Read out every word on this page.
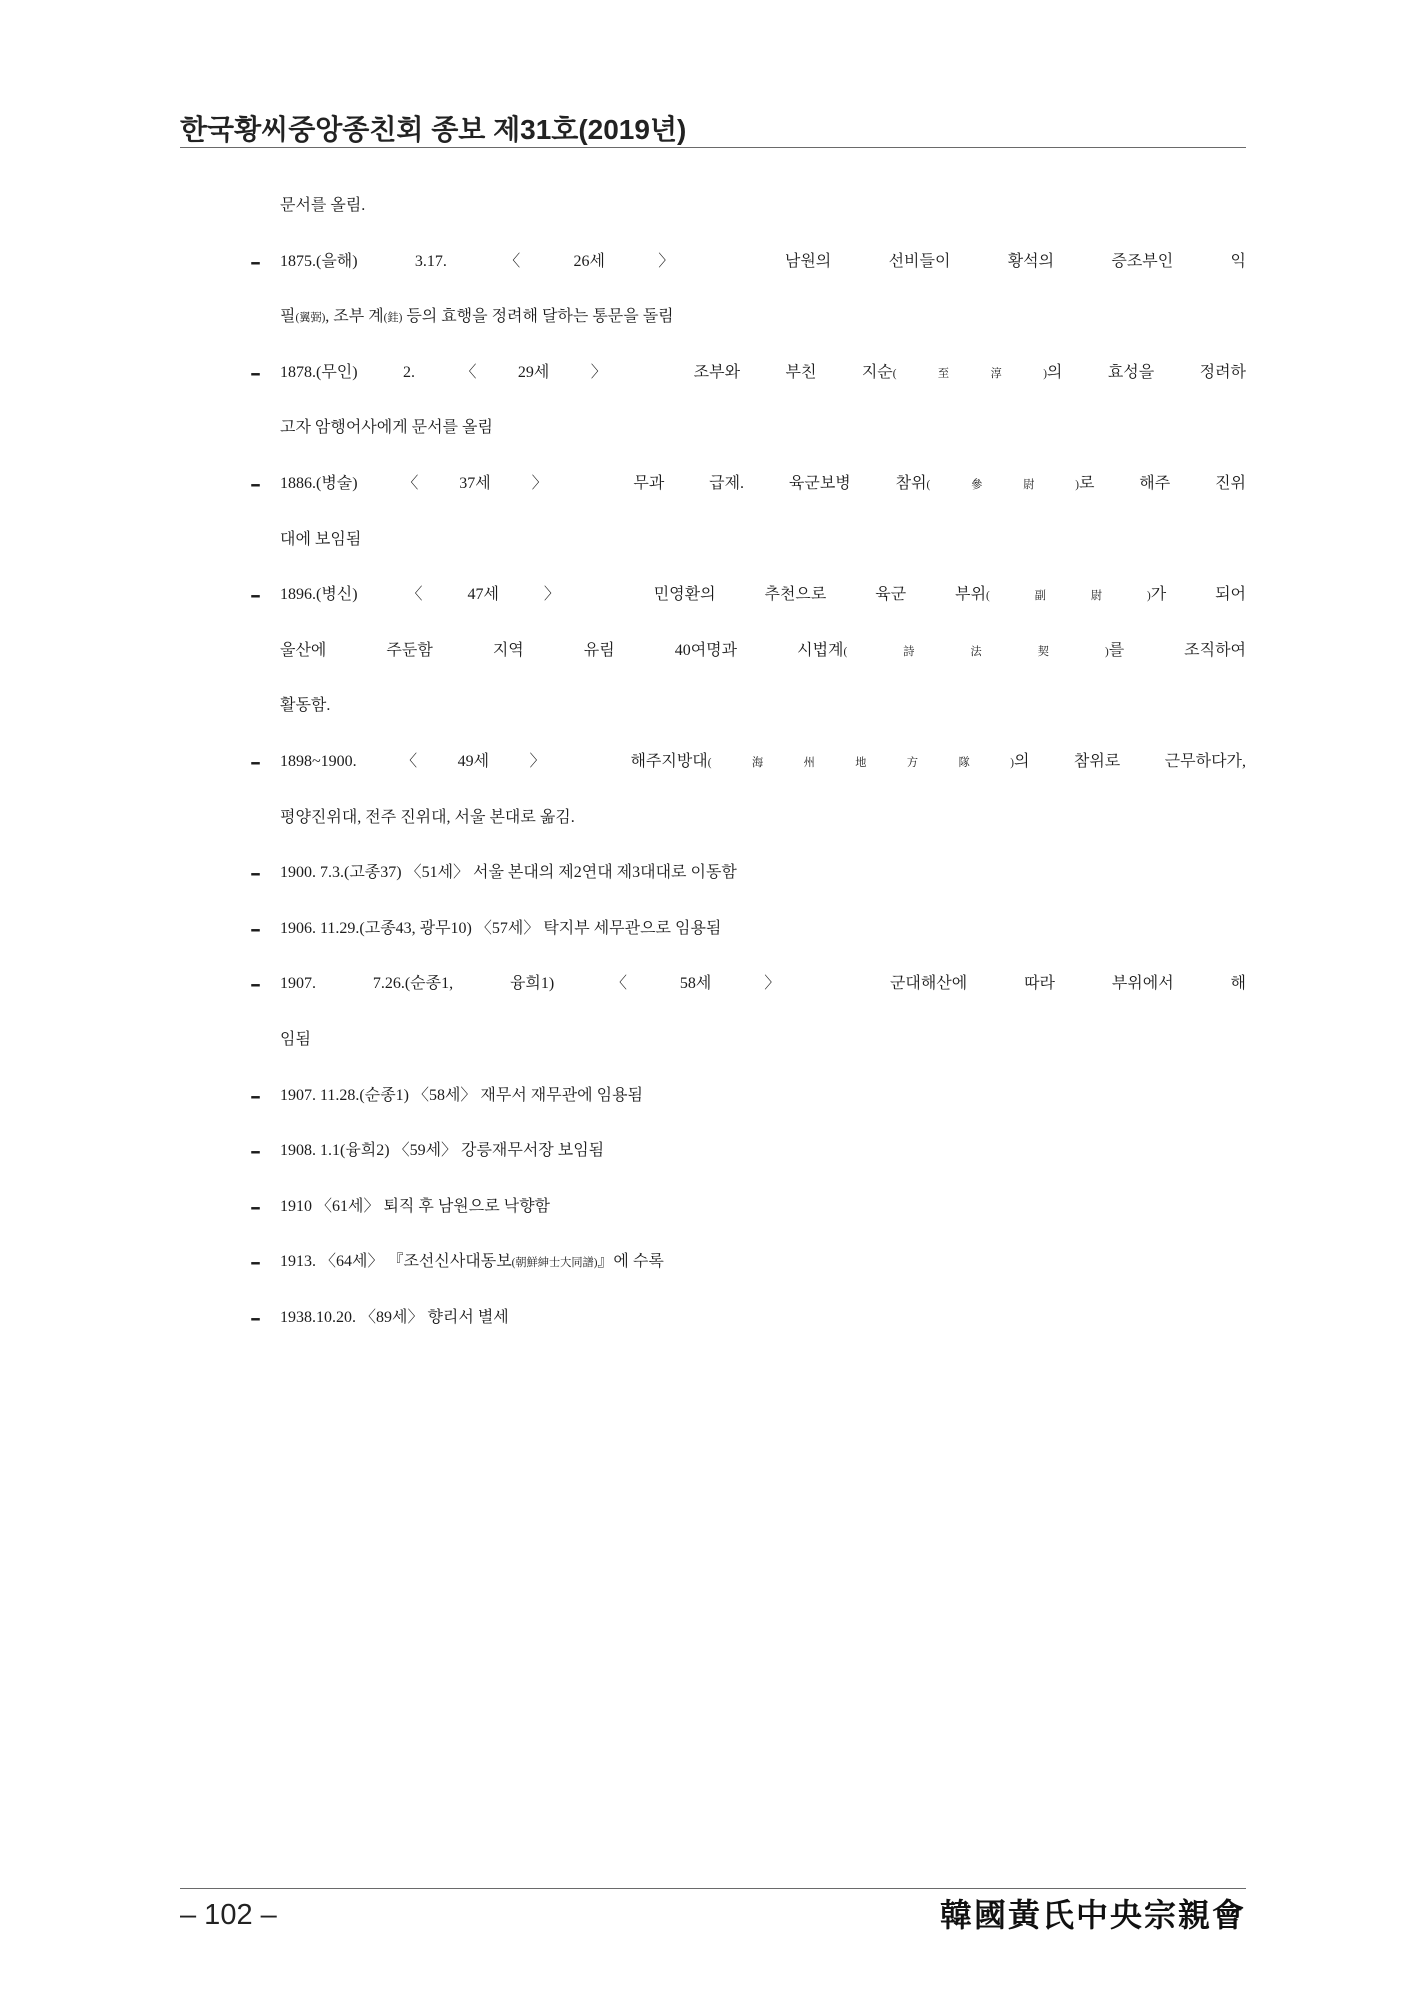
한국황씨중앙종친회 종보 제31호(2019년)
문서를 올림.
-	1875.(을해) 3.17. 〈26세〉 남원의 선비들이 황석의 증조부인 익
필(翼弼), 조부 계(銈) 등의 효행을 정려해 달하는 통문을 돌림
-	1878.(무인) 2. 〈29세〉 조부와 부친 지순(至淳)의 효성을 정려하
고자 암행어사에게 문서를 올림
-	1886.(병술) 〈37세〉 무과 급제. 육군보병 참위(參尉)로 해주 진위
대에 보임됨
-	1896.(병신) 〈47세〉 민영환의 추천으로 육군 부위(副尉)가 되어
울산에 주둔함 지역 유림 40여명과 시법계(詩法契)를 조직하여
활동함.
-	1898~1900. 〈49세〉 해주지방대(海州地方隊)의 참위로 근무하다가,
평양진위대, 전주 진위대, 서울 본대로 옮김.
-	1900. 7.3.(고종37) 〈51세〉 서울 본대의 제2연대 제3대대로 이동함
-	1906. 11.29.(고종43, 광무10) 〈57세〉 탁지부 세무관으로 임용됨
-	1907. 7.26.(순종1, 융희1) 〈58세〉 군대해산에 따라 부위에서 해
임됨
-	1907. 11.28.(순종1) 〈58세〉 재무서 재무관에 임용됨
-	1908. 1.1(융희2) 〈59세〉 강릉재무서장 보임됨
-	1910 〈61세〉 퇴직 후 남원으로 낙향함
-	1913. 〈64세〉 『조선신사대동보(朝鮮紳士大同譜)』에 수록
-	1938.10.20. 〈89세〉 향리서 별세
– 102 –	韓國黃氏中央宗親會
